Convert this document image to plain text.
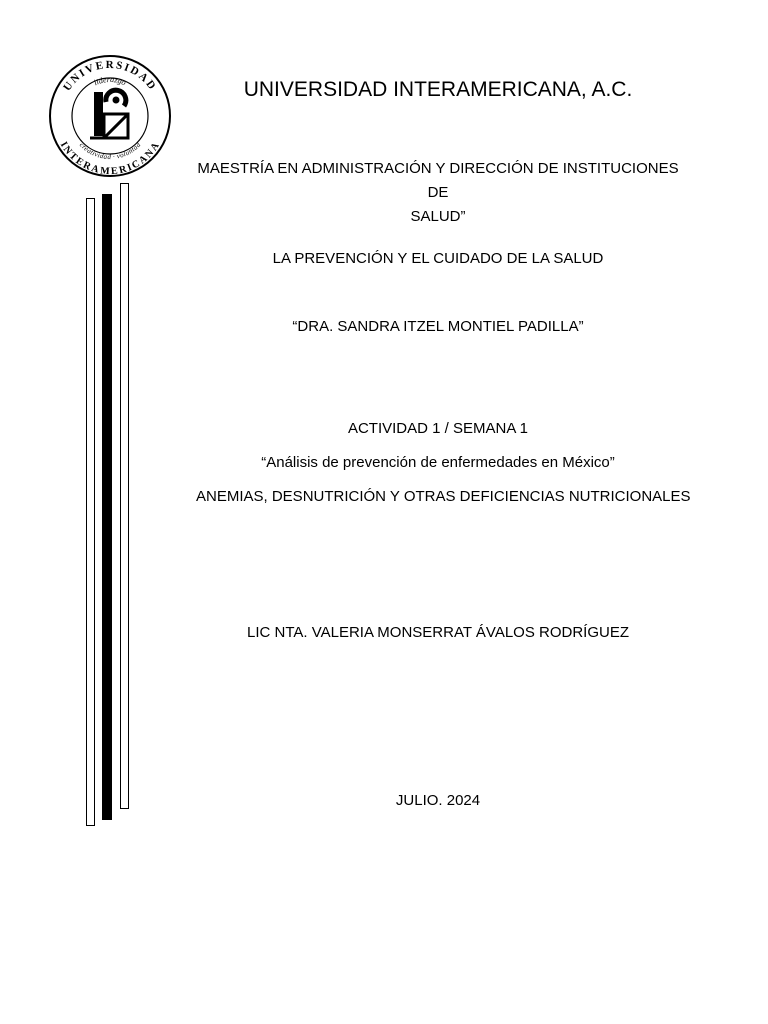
UNIVERSIDAD
INTERAMERICANA
liderazgo
creatividad · voluntad
UNIVERSIDAD INTERAMERICANA, A.C.
MAESTRÍA EN ADMINISTRACIÓN Y DIRECCIÓN DE INSTITUCIONES DE
SALUD”
LA PREVENCIÓN Y EL CUIDADO DE LA SALUD
“DRA. SANDRA ITZEL MONTIEL PADILLA”
ACTIVIDAD 1 / SEMANA 1
“Análisis de prevención de enfermedades en México”
ANEMIAS, DESNUTRICIÓN Y OTRAS DEFICIENCIAS NUTRICIONALES
LIC NTA. VALERIA MONSERRAT ÁVALOS RODRÍGUEZ
JULIO. 2024
